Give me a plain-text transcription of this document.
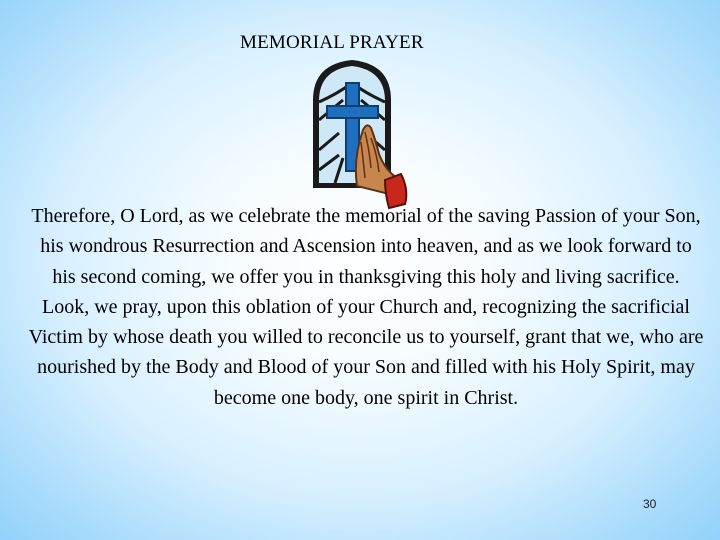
MEMORIAL PRAYER

Therefore, O Lord, as we celebrate the memorial of the saving Passion of your Son, his wondrous Resurrection and Ascension into heaven, and as we look forward to his second coming, we offer you in thanksgiving this holy and living sacrifice.

Look, we pray, upon this oblation of your Church and, recognizing the sacrificial Victim by whose death you willed to reconcile us to yourself, grant that we, who are nourished by the Body and Blood of your Son and filled with his Holy Spirit, may become one body, one spirit in Christ.

30
